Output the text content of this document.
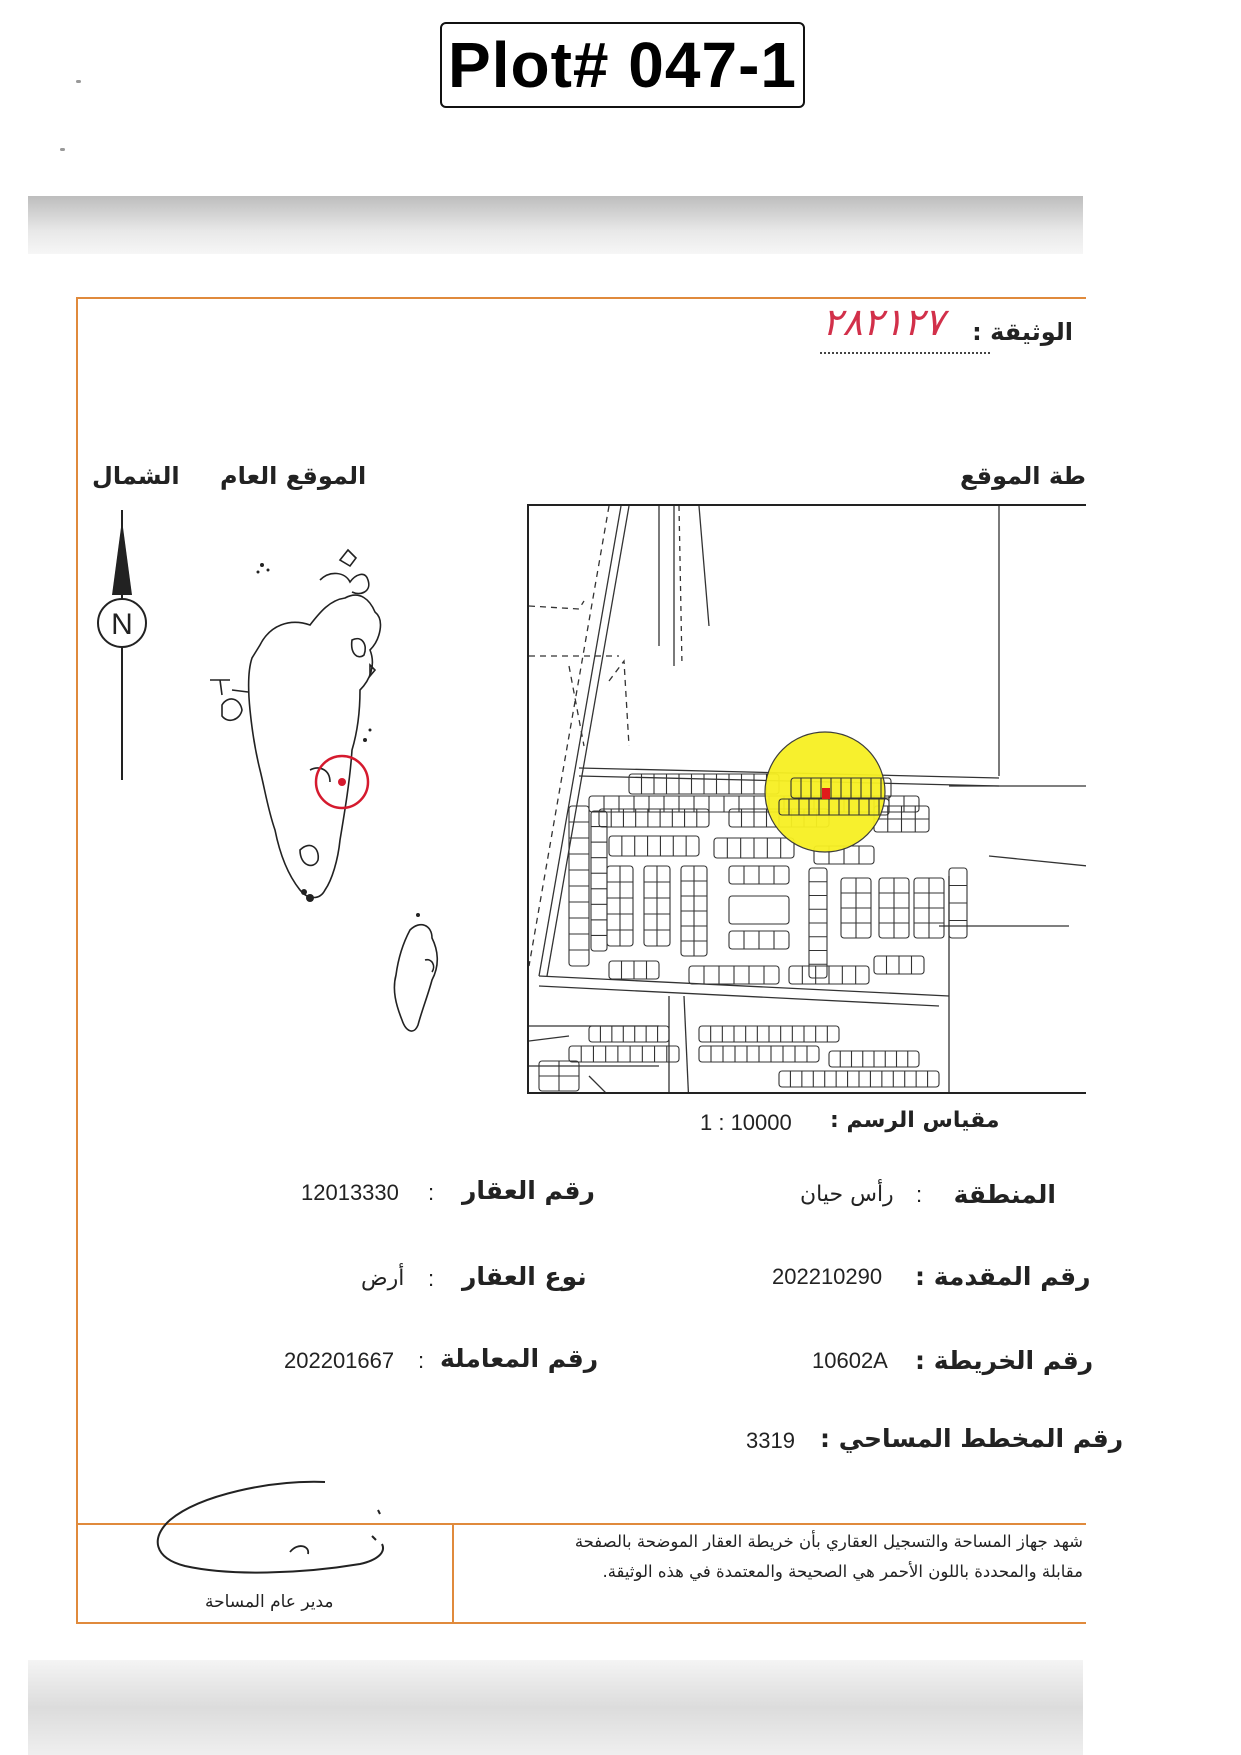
Plot# 047-1
الوثيقة :
٢٨٢١٢٧
طة الموقع
الموقع العام
الشمال
N
مقياس الرسم :
1 : 10000
المنطقة
:
رأس حيان
رقم العقار
:
12013330
رقم المقدمة :
202210290
نوع العقار
:
أرض
رقم الخريطة :
10602A
رقم المعاملة
:
202201667
رقم المخطط المساحي :
3319
شهد جهاز المساحة والتسجيل العقاري بأن خريطة العقار الموضحة بالصفحة
مقابلة والمحددة باللون الأحمر هي الصحيحة والمعتمدة في هذه الوثيقة.
مدير عام المساحة
